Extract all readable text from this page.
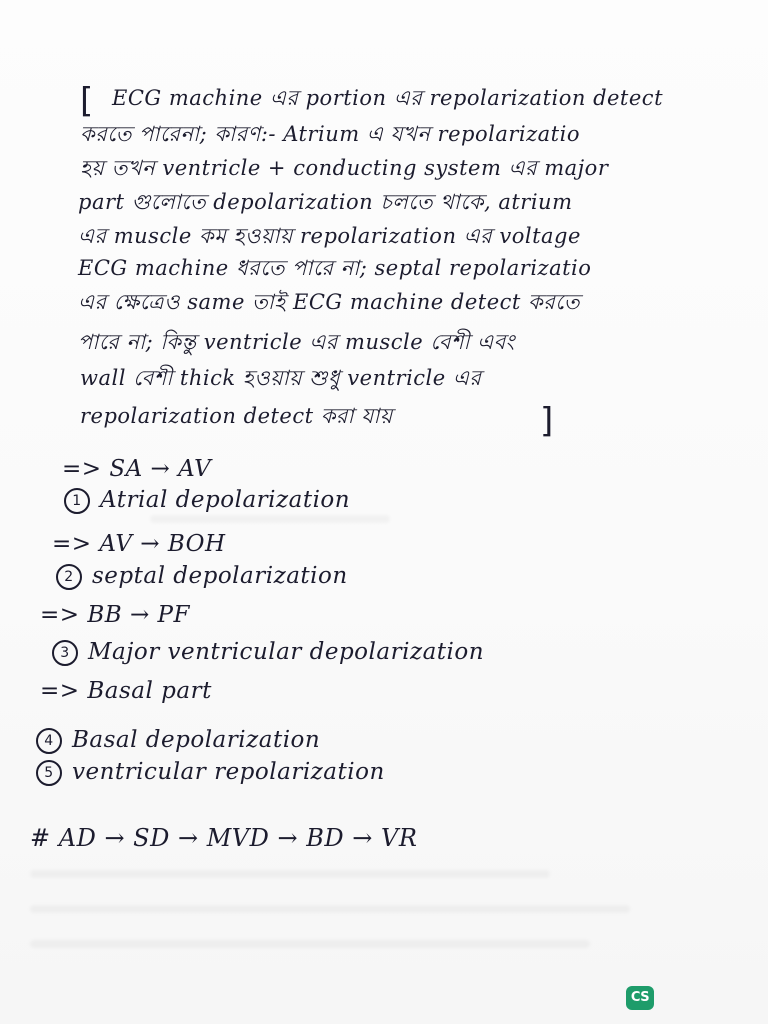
[ ECG machine এর portion এর repolarization detect
করতে পারেনা; কারণ:- Atrium এ যখন repolarizatio
হয় তখন ventricle + conducting system এর major
part গুলোতে depolarization চলতে থাকে, atrium
এর muscle কম হওয়ায় repolarization এর voltage
ECG machine ধরতে পারে না; septal repolarizatio
এর ক্ষেত্রেও same তাই ECG machine detect করতে
পারে না; কিন্তু ventricle এর muscle বেশী এবং
wall বেশী thick হওয়ায় শুধু ventricle এর
repolarization detect করা যায়	]
=> SA → AV
1 Atrial depolarization
=> AV → BOH
2 septal depolarization
=> BB → PF
3 Major ventricular depolarization
=> Basal part
4 Basal depolarization
5 ventricular repolarization
# AD → SD → MVD → BD → VR
CS
